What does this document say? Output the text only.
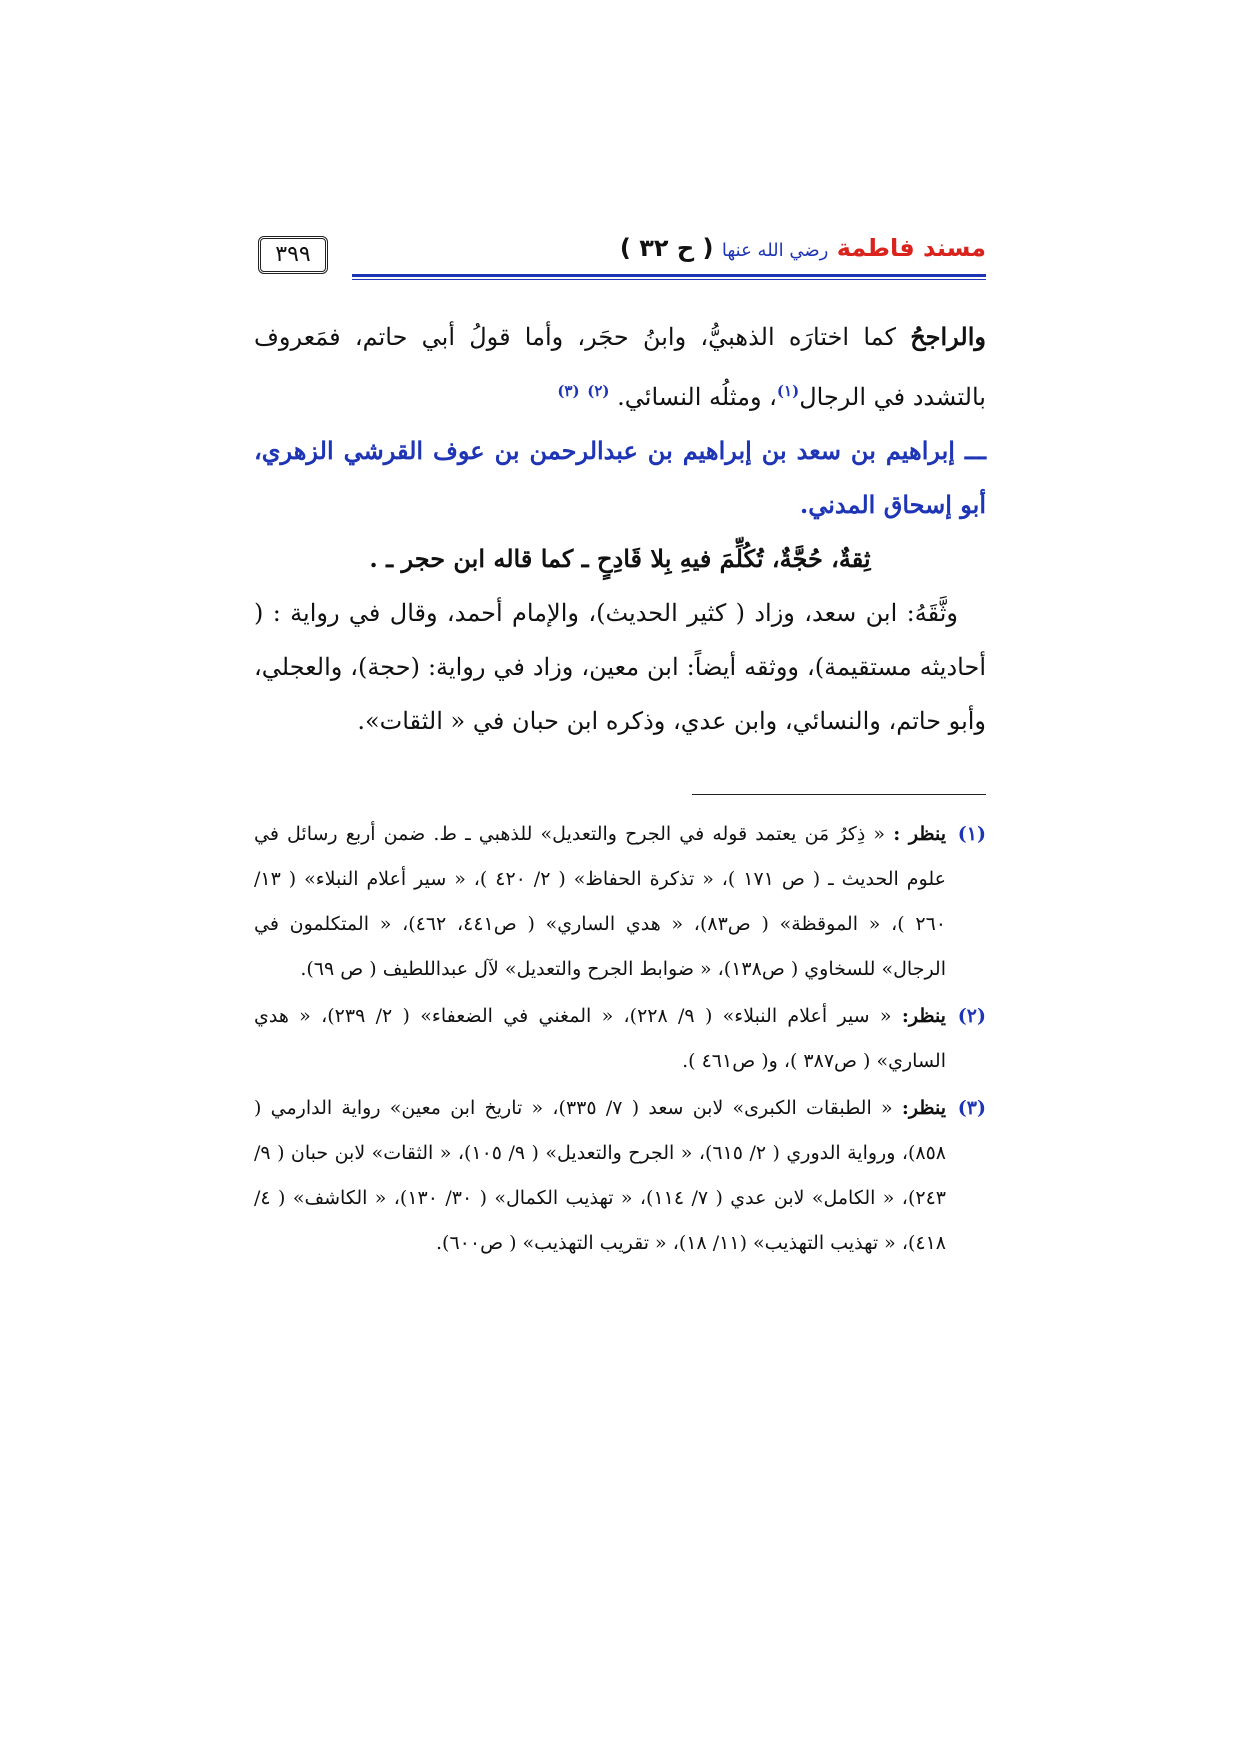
٣٩٩	مسند فاطمة رضي الله عنها ( ح ٣٢ )

والراجحُ كما اختارَه الذهبيُّ، وابنُ حجَر، وأما قولُ أبي حاتم، فمَعروف بالتشدد في الرجال$^{(١)}$، ومثلُه النسائي. $^{(٢)}$ $^{(٣)}$

ـــ إبراهيم بن سعد بن إبراهيم بن عبدالرحمن بن عوف القرشي الزهري، أبو إسحاق المدني.

ثِقةٌ، حُجَّةٌ، تُكُلِّمَ فيهِ بِلا قَادِحٍ ـ كما قاله ابن حجر ـ .

وثَّقَهُ: ابن سعد، وزاد ( كثير الحديث)، والإمام أحمد، وقال في رواية : ( أحاديثه مستقيمة)، ووثقه أيضاً: ابن معين، وزاد في رواية: (حجة)، والعجلي، وأبو حاتم، والنسائي، وابن عدي، وذكره ابن حبان في « الثقات».

(١)
ينظر : « ذِكرُ مَن يعتمد قوله في الجرح والتعديل» للذهبي ـ ط. ضمن أربع رسائل في علوم الحديث ـ ( ص ١٧١ )، « تذكرة الحفاظ» ( ٢/ ٤٢٠ )، « سير أعلام النبلاء» ( ١٣/ ٢٦٠ )، « الموقظة» ( ص٨٣)، « هدي الساري» ( ص٤٤١، ٤٦٢)، « المتكلمون في الرجال» للسخاوي ( ص١٣٨)، « ضوابط الجرح والتعديل» لآل عبداللطيف ( ص ٦٩).
(٢)
ينظر: « سير أعلام النبلاء» ( ٩/ ٢٢٨)، « المغني في الضعفاء» ( ٢/ ٢٣٩)، « هدي الساري» ( ص٣٨٧ )، و( ص٤٦١ ).
(٣)
ينظر: « الطبقات الكبرى» لابن سعد ( ٧/ ٣٣٥)، « تاريخ ابن معين» رواية الدارمي ( ٨٥٨)، ورواية الدوري ( ٢/ ٦١٥)، « الجرح والتعديل» ( ٩/ ١٠٥)، « الثقات» لابن حبان ( ٩/ ٢٤٣)، « الكامل» لابن عدي ( ٧/ ١١٤)، « تهذيب الكمال» ( ٣٠/ ١٣٠)، « الكاشف» ( ٤/ ٤١٨)، « تهذيب التهذيب» (١١/ ١٨)، « تقريب التهذيب» ( ص٦٠٠).
